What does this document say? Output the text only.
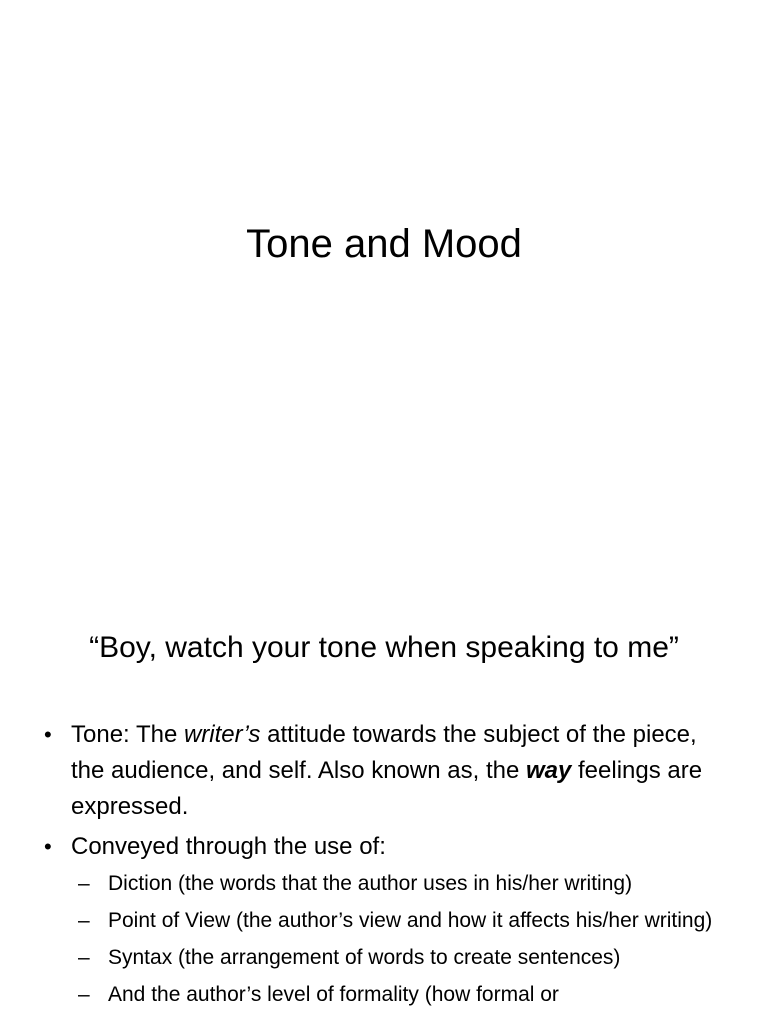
Tone and Mood
“Boy, watch your tone when speaking to me”
• Tone: The writer’s attitude towards the subject of the piece, the audience, and self. Also known as, the way feelings are expressed.
• Conveyed through the use of:
– Diction (the words that the author uses in his/her writing)
– Point of View (the author’s view and how it affects his/her writing)
– Syntax (the arrangement of words to create sentences)
– And the author’s level of formality (how formal or
